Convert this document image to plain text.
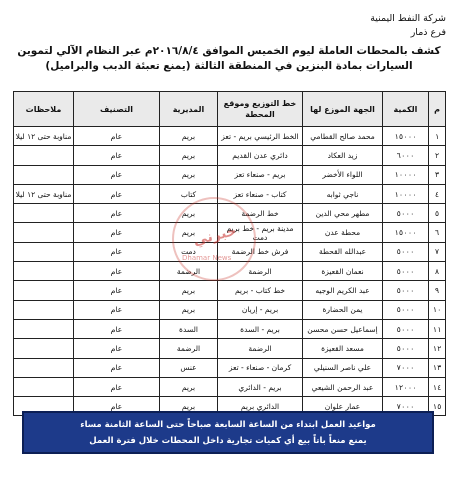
شركة النفط اليمنية
فرع ذمار
كشف بالمحطات العاملة ليوم الخميس الموافق ٢٠١٦/٨/٤م عبر النظام الآلي لتموين السيارات بمادة البنزين في المنطقة الثالثة (يمنع تعبئة الدبب والبراميل)
م	الكمية	الجهة الموزع لها	خط التوزيع وموقع المحطة	المديرية	التصنيف	ملاحظات
١	١٥٠٠٠	محمد صالح القطامي	الخط الرئيسي بريم - تعز	بريم	عام	مناوبة حتى ١٢ ليلا
٢	٦٠٠٠	زيد العكاد	دائري عدن القديم	بريم	عام	
٣	١٠٠٠٠	اللواء الأخضر	بريم - صنعاء تعز	بريم	عام	
٤	١٠٠٠٠	ناجي ثوابه	كتاب - صنعاء تعز	كتاب	عام	مناوبة حتى ١٢ ليلا
٥	٥٠٠٠	مطهر محي الدين	خط الرضمة	بريم	عام	
٦	١٥٠٠٠	محطة عدن	مدينة بريم - خط بريم دمت	بريم	عام	
٧	٥٠٠٠	عبدالله القحطة	فرش خط الرضمة	دمت	عام	
٨	٥٠٠٠	نعمان القعيزة	الرضمة	الرضمة	عام	
٩	٥٠٠٠	عبد الكريم الوجيه	خط كتاب - بريم	بريم	عام	
١٠	٥٠٠٠	يمن الحضارة	بريم - إريان	بريم	عام	
١١	٥٠٠٠	إسماعيل حسن محسن	بريم - السدة	السدة	عام	
١٢	٥٠٠٠	مسعد القعيزة	الرضمة	الرضمة	عام	
١٣	٧٠٠٠	علي ناصر السنيلي	كرمان - صنعاء - تعز	عنس	عام	
١٤	١٢٠٠٠	عبد الرحمن الشيعي	بريم - الدائري	بريم	عام	
١٥	٧٠٠٠	عمار علوان	الدائري بريم	بريم	عام	
خبرني
Dhamar News
مواعيد العمل ابتداء من الساعة السابعة صباحاً حتى الساعة الثامنة مساء
يمنع منعاً باتاً بيع أي كميات تجارية داخل المحطات خلال فترة العمل
